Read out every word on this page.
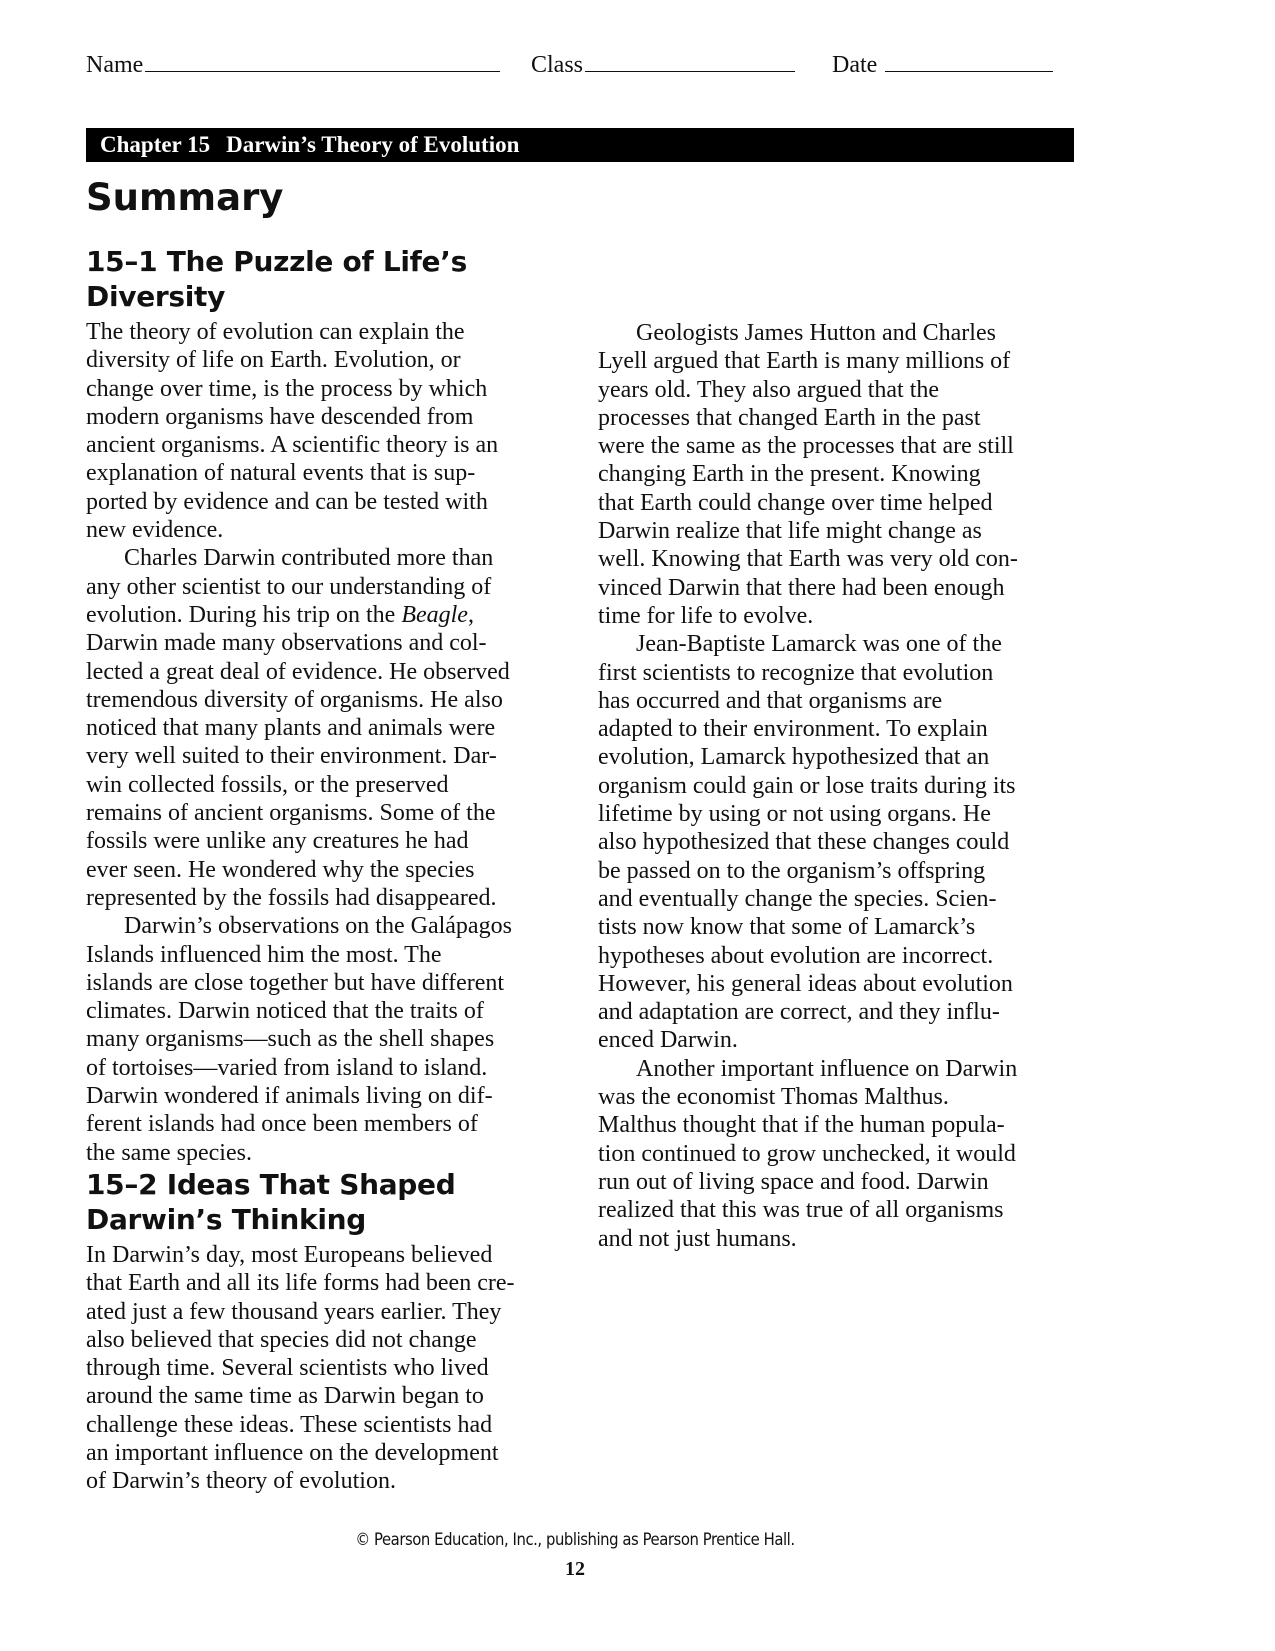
Name	Class	Date
Chapter 15 Darwin’s Theory of Evolution
Summary
15–1 The Puzzle of Life’s
Diversity

The theory of evolution can explain the
diversity of life on Earth. Evolution, or
change over time, is the process by which
modern organisms have descended from
ancient organisms. A scientific theory is an
explanation of natural events that is sup-
ported by evidence and can be tested with
new evidence.

Charles Darwin contributed more than
any other scientist to our understanding of
evolution. During his trip on the Beagle,
Darwin made many observations and col-
lected a great deal of evidence. He observed
tremendous diversity of organisms. He also
noticed that many plants and animals were
very well suited to their environment. Dar-
win collected fossils, or the preserved
remains of ancient organisms. Some of the
fossils were unlike any creatures he had
ever seen. He wondered why the species
represented by the fossils had disappeared.

Darwin’s observations on the Galápagos
Islands influenced him the most. The
islands are close together but have different
climates. Darwin noticed that the traits of
many organisms—such as the shell shapes
of tortoises—varied from island to island.
Darwin wondered if animals living on dif-
ferent islands had once been members of
the same species.

15–2 Ideas That Shaped
Darwin’s Thinking

In Darwin’s day, most Europeans believed
that Earth and all its life forms had been cre-
ated just a few thousand years earlier. They
also believed that species did not change
through time. Several scientists who lived
around the same time as Darwin began to
challenge these ideas. These scientists had
an important influence on the development
of Darwin’s theory of evolution.

Geologists James Hutton and Charles
Lyell argued that Earth is many millions of
years old. They also argued that the
processes that changed Earth in the past
were the same as the processes that are still
changing Earth in the present. Knowing
that Earth could change over time helped
Darwin realize that life might change as
well. Knowing that Earth was very old con-
vinced Darwin that there had been enough
time for life to evolve.

Jean-Baptiste Lamarck was one of the
first scientists to recognize that evolution
has occurred and that organisms are
adapted to their environment. To explain
evolution, Lamarck hypothesized that an
organism could gain or lose traits during its
lifetime by using or not using organs. He
also hypothesized that these changes could
be passed on to the organism’s offspring
and eventually change the species. Scien-
tists now know that some of Lamarck’s
hypotheses about evolution are incorrect.
However, his general ideas about evolution
and adaptation are correct, and they influ-
enced Darwin.

Another important influence on Darwin
was the economist Thomas Malthus.
Malthus thought that if the human popula-
tion continued to grow unchecked, it would
run out of living space and food. Darwin
realized that this was true of all organisms
and not just humans.

© Pearson Education, Inc., publishing as Pearson Prentice Hall.
12
